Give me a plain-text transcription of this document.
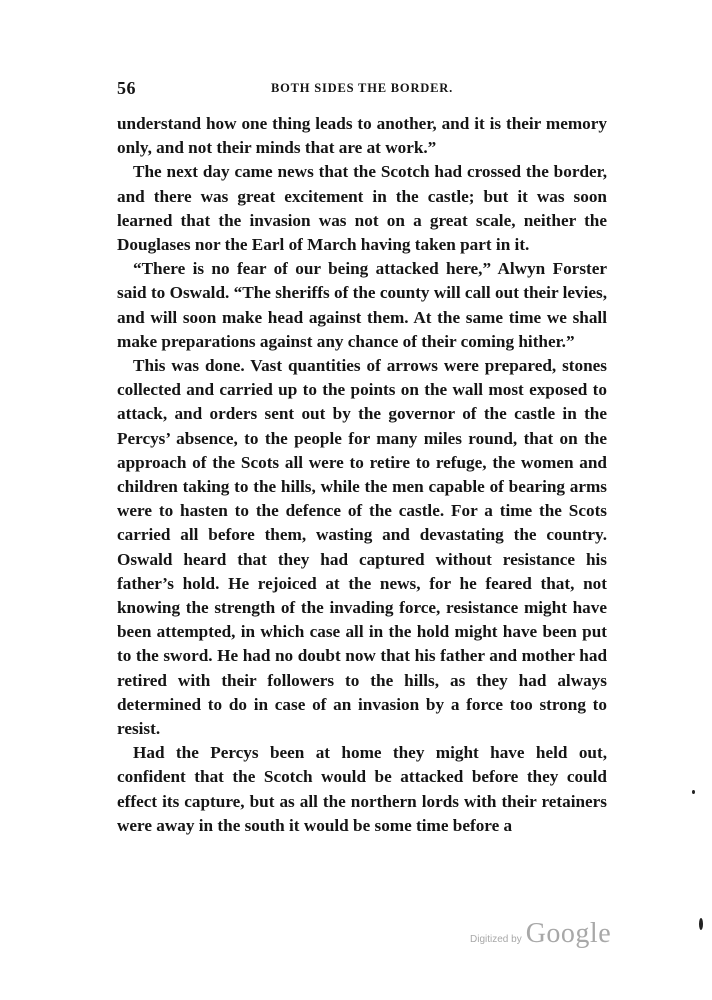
56	BOTH SIDES THE BORDER.

understand how one thing leads to another, and it is their memory only, and not their minds that are at work.”

The next day came news that the Scotch had crossed the border, and there was great excitement in the castle; but it was soon learned that the invasion was not on a great scale, neither the Douglases nor the Earl of March having taken part in it.

“There is no fear of our being attacked here,” Alwyn Forster said to Oswald. “The sheriffs of the county will call out their levies, and will soon make head against them. At the same time we shall make preparations against any chance of their coming hither.”

This was done. Vast quantities of arrows were prepared, stones collected and carried up to the points on the wall most exposed to attack, and orders sent out by the governor of the castle in the Percys’ absence, to the people for many miles round, that on the approach of the Scots all were to retire to refuge, the women and children taking to the hills, while the men capable of bearing arms were to hasten to the defence of the castle. For a time the Scots carried all before them, wasting and devastating the country. Oswald heard that they had captured without resistance his father’s hold. He rejoiced at the news, for he feared that, not knowing the strength of the invading force, resistance might have been attempted, in which case all in the hold might have been put to the sword. He had no doubt now that his father and mother had retired with their followers to the hills, as they had always determined to do in case of an invasion by a force too strong to resist.

Had the Percys been at home they might have held out, confident that the Scotch would be attacked before they could effect its capture, but as all the northern lords with their retainers were away in the south it would be some time before a

Digitized by Google
